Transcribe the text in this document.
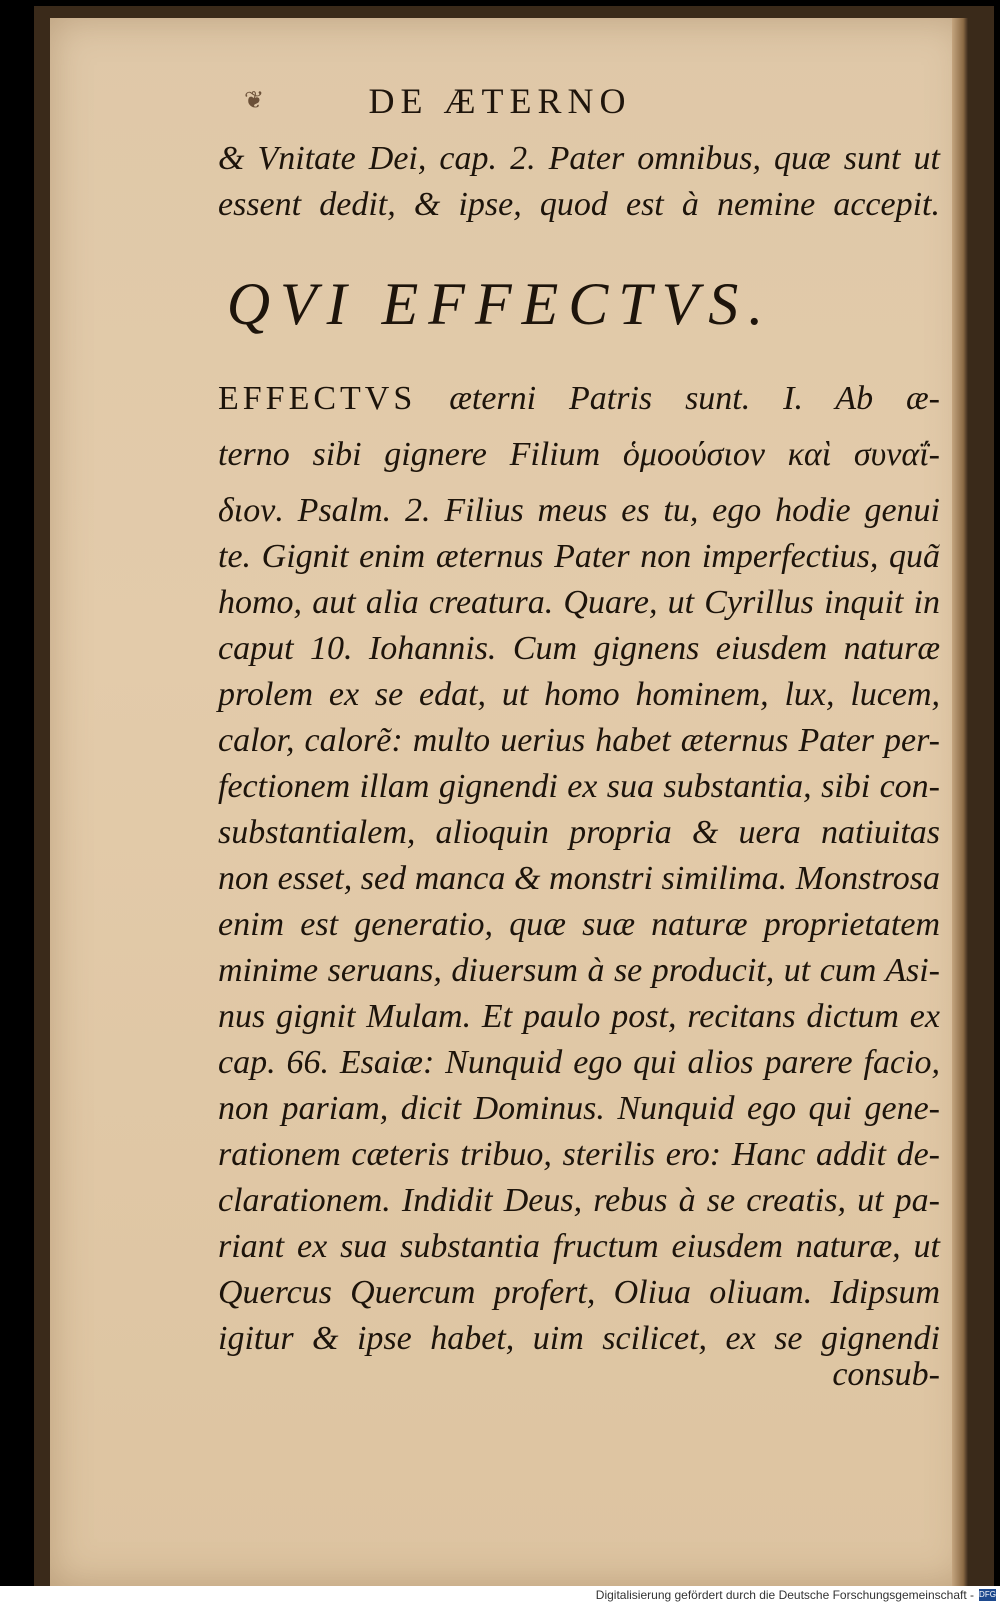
❦	DE ÆTERNO
& Vnitate Dei, cap. 2. Pater omnibus, quæ sunt ut
essent dedit, & ipse, quod est à nemine accepit.
QVI EFFECTVS.
EFFECTVS æterni Patris sunt. I. Ab æ-
terno sibi gignere Filium ὁμοούσιον καὶ συναΐ-
διον. Psalm. 2. Filius meus es tu, ego hodie genui
te. Gignit enim æternus Pater non imperfectius, quã
homo, aut alia creatura. Quare, ut Cyrillus inquit in
caput 10. Iohannis. Cum gignens eiusdem naturæ
prolem ex se edat, ut homo hominem, lux, lucem,
calor, calorẽ: multo uerius habet æternus Pater per-
fectionem illam gignendi ex sua substantia, sibi con-
substantialem, alioquin propria & uera natiuitas
non esset, sed manca & monstri similima. Monstrosa
enim est generatio, quæ suæ naturæ proprietatem
minime seruans, diuersum à se producit, ut cum Asi-
nus gignit Mulam. Et paulo post, recitans dictum ex
cap. 66. Esaiæ: Nunquid ego qui alios parere facio,
non pariam, dicit Dominus. Nunquid ego qui gene-
rationem cæteris tribuo, sterilis ero: Hanc addit de-
clarationem. Indidit Deus, rebus à se creatis, ut pa-
riant ex sua substantia fructum eiusdem naturæ, ut
Quercus Quercum profert, Oliua oliuam. Idipsum
igitur & ipse habet, uim scilicet, ex se gignendi
consub-
Digitalisierung gefördert durch die Deutsche Forschungsgemeinschaft - DFG
